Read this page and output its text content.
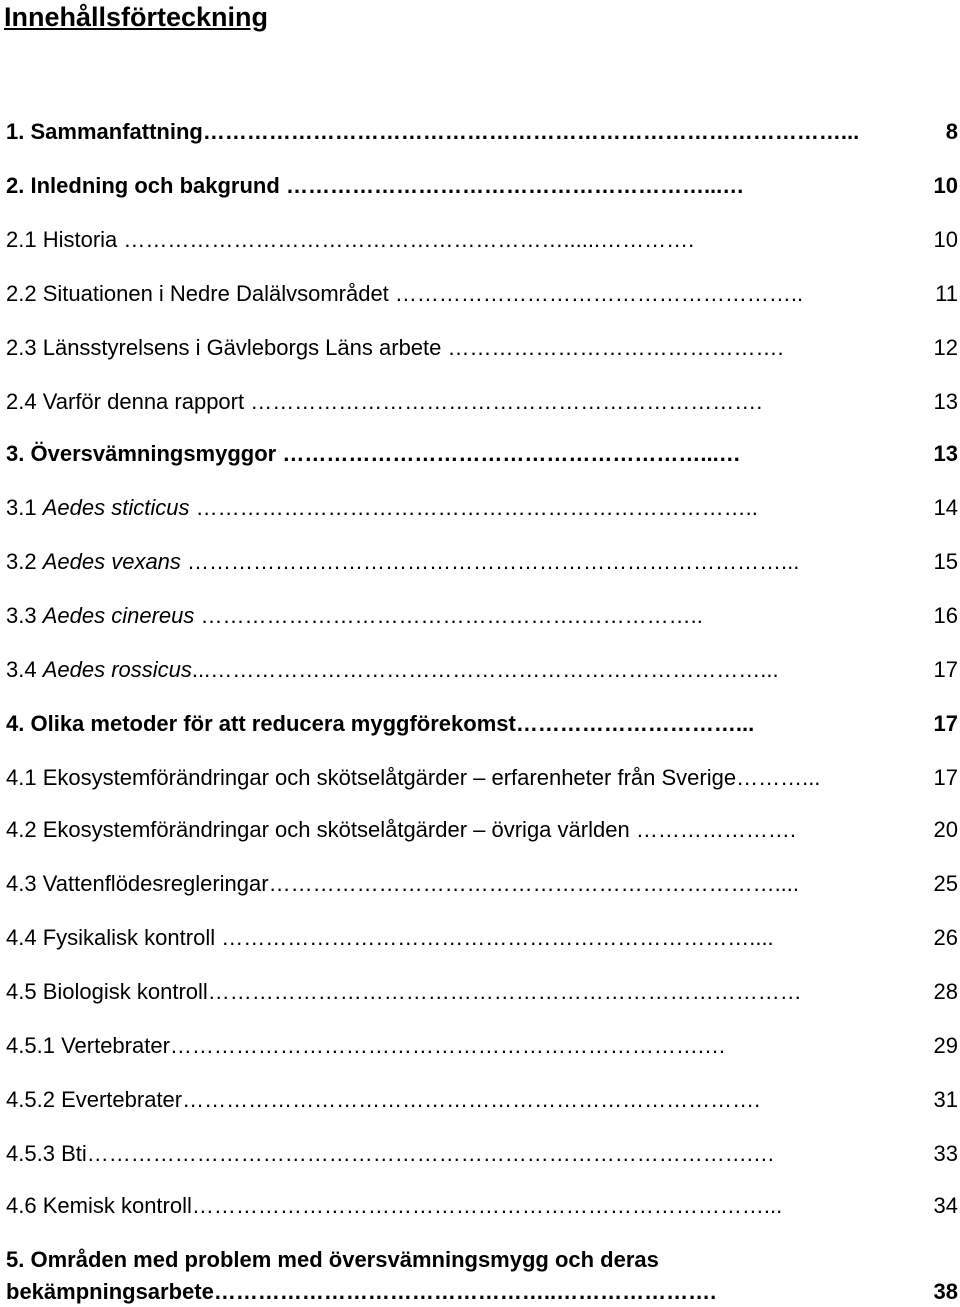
Innehållsförteckning
1. Sammanfattning……………………………………………………………………………...	8
2. Inledning och bakgrund …………………………………………………...…	10
2.1 Historia ……………………………………………………......………….	10
2.2 Situationen i Nedre Dalälvsområdet ………………………………………………..	11
2.3 Länsstyrelsens i Gävleborgs Läns arbete ……………………………………….	12
2.4 Varför denna rapport …………………………………………………………….	13
3. Översvämningsmyggor …………………………………………………...…	13
3.1 Aedes sticticus …………………………………………………………………..	14
3.2 Aedes vexans ………………………………………………………………………...	15
3.3 Aedes cinereus …………………………………………….……………..	16
3.4 Aedes rossicus...…………………………………………………………………...	17
4. Olika metoder för att reducera myggförekomst…………………………...	17
4.1 Ekosystemförändringar och skötselåtgärder – erfarenheter från Sverige………...	17
4.2 Ekosystemförändringar och skötselåtgärder – övriga världen ………………….	20
4.3 Vattenflödesregleringar……………………………………………………………....	25
4.4 Fysikalisk kontroll ………………………………………………………………....	26
4.5 Biologisk kontroll………………………………………………………………………	28
4.5.1 Vertebrater……………………………………………………………….…	29
4.5.2 Evertebrater…………………………………………………………………….	31
4.5.3 Bti……………………………………………………………………………….…	33
4.6 Kemisk kontroll……………………………………………………………………...	34
5. Områden med problem med översvämningsmygg och deras
bekämpningsarbete………………………………………..………………….	38
